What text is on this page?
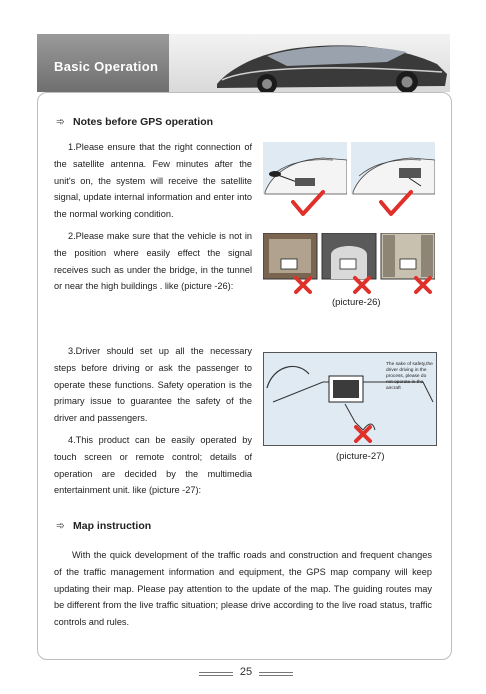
Basic Operation
➾ Notes before GPS operation
1.Please ensure that the right connection of the satellite antenna. Few minutes after the unit's on, the system will receive the satellite signal, update internal information and enter into the normal working condition.
2.Please make sure that the vehicle is not in the position where easily effect the signal receives such as under the bridge, in the tunnel or near the high buildings . like (picture -26):
3.Driver should set up all the necessary steps before driving or ask the passenger to operate these functions. Safety operation is the primary issue to guarantee the safety of the driver and passengers.
4.This product can be easily operated by touch screen or remote control; details of operation are decided by the multimedia entertainment unit. like (picture -27):
(picture-26)
The sake of safety,the driver driving in the process, please do not operate in the aircraft
(picture-27)
➾ Map instruction
With the quick development of the traffic roads and construction and frequent changes of the traffic management information and equipment, the GPS map company will keep updating their map. Please pay attention to the update of the map. The guiding routes may be different from the live traffic situation; please drive according to the live road status, traffic controls and rules.
25
